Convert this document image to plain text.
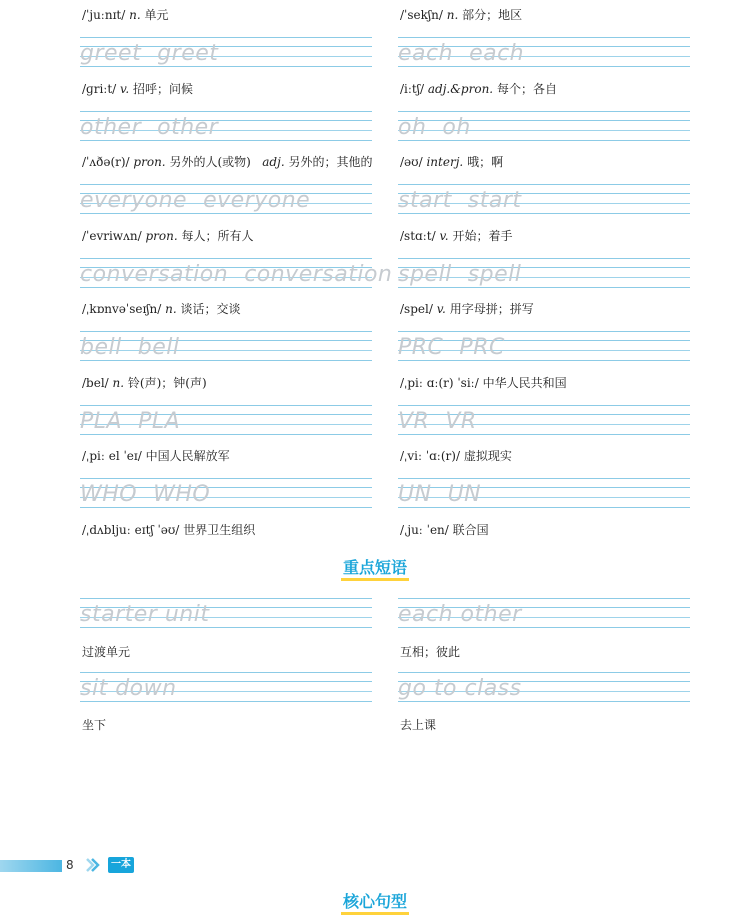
/ˈjuːnɪt/ n. 单元
greet greet
/ɡriːt/ v. 招呼；问候
other other
/ˈʌðə(r)/ pron. 另外的人(或物) adj. 另外的；其他的
everyone everyone
/ˈevriwʌn/ pron. 每人；所有人
conversation conversation
/ˌkɒnvəˈseɪʃn/ n. 谈话；交谈
bell bell
/bel/ n. 铃(声)；钟(声)
PLA PLA
/ˌpiː el ˈeɪ/ 中国人民解放军
WHO WHO
/ˌdʌbljuː eɪtʃ ˈəʊ/ 世界卫生组织
/ˈsekʃn/ n. 部分；地区
each each
/iːtʃ/ adj.&pron. 每个；各自
oh oh
/əʊ/ interj. 哦；啊
start start
/stɑːt/ v. 开始；着手
spell spell
/spel/ v. 用字母拼；拼写
PRC PRC
/ˌpiː ɑː(r) ˈsiː/ 中华人民共和国
VR VR
/ˌviː ˈɑː(r)/ 虚拟现实
UN UN
/ˌjuː ˈen/ 联合国
重点短语
starter unit
过渡单元
sit down
坐下
each other
互相；彼此
go to class
去上课
8	一本
核心句型
